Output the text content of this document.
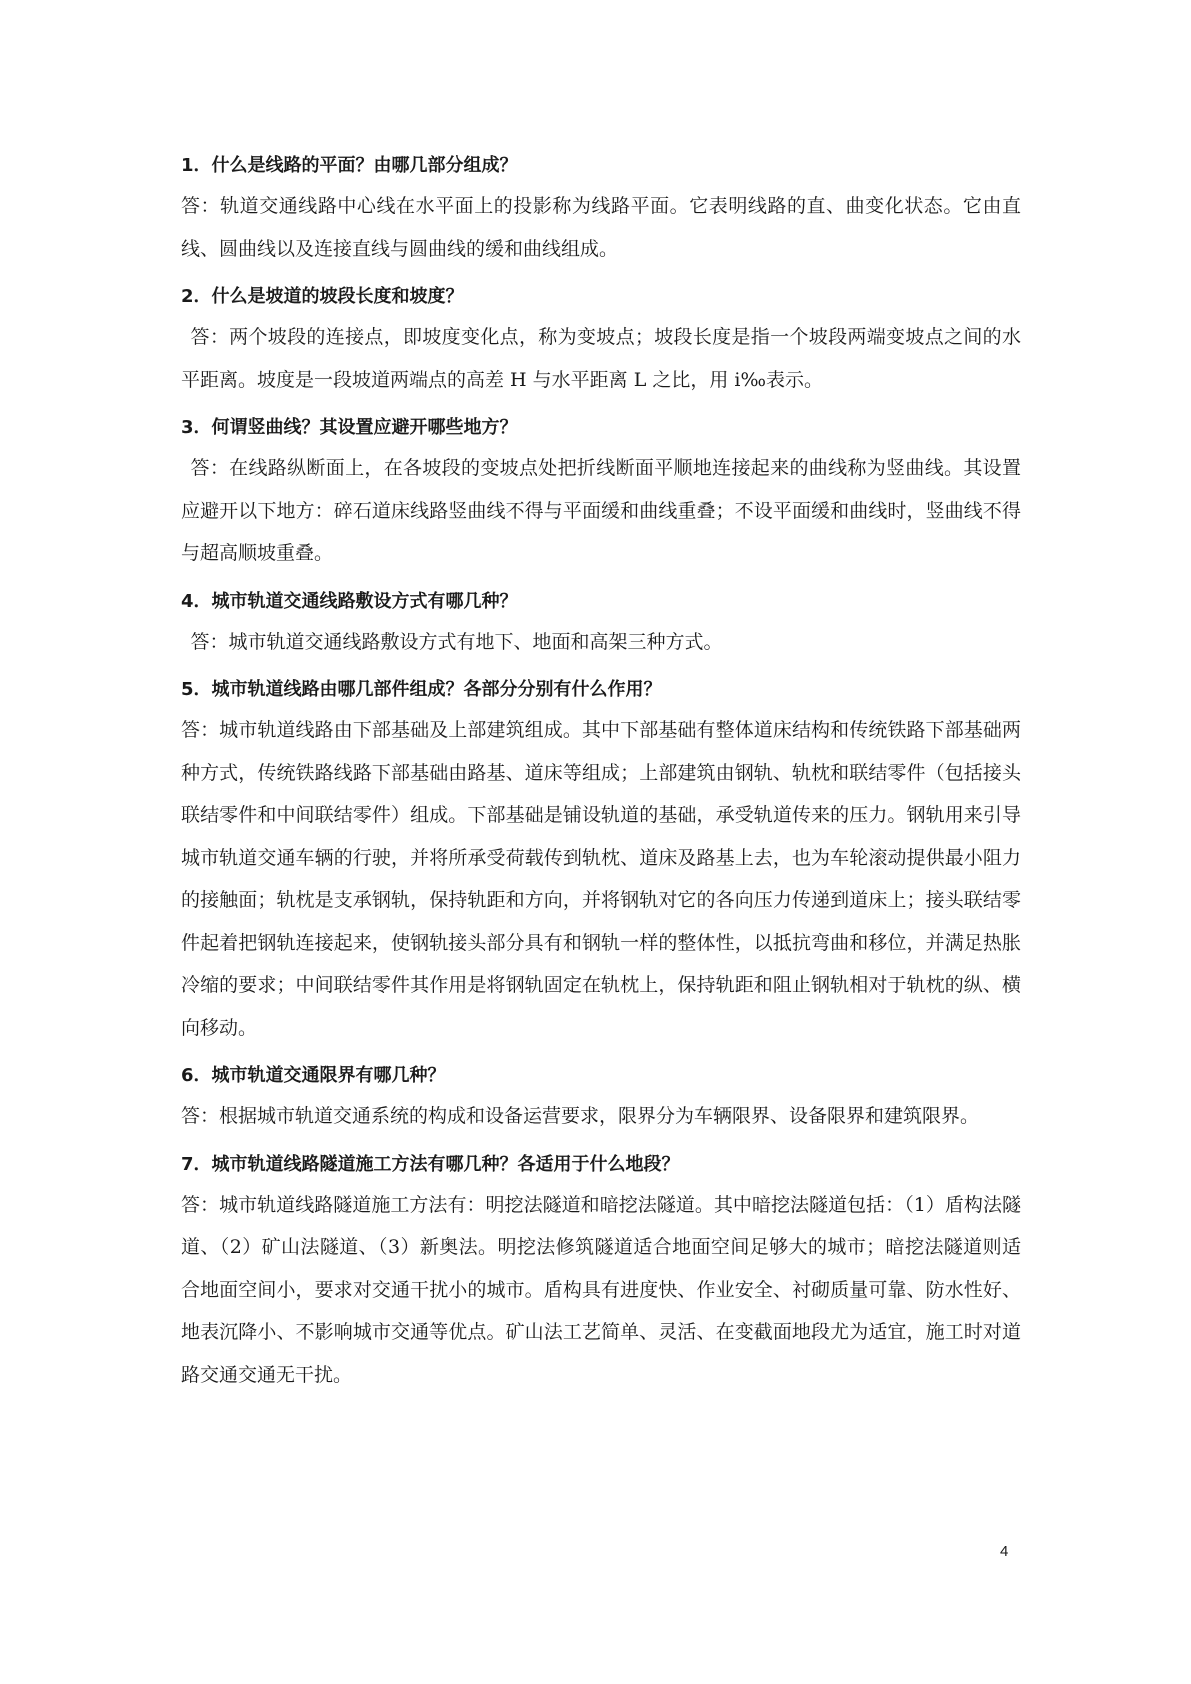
1．什么是线路的平面？由哪几部分组成？

答：轨道交通线路中心线在水平面上的投影称为线路平面。它表明线路的直、曲变化状态。它由直线、圆曲线以及连接直线与圆曲线的缓和曲线组成。

2．什么是坡道的坡段长度和坡度？

答：两个坡段的连接点，即坡度变化点，称为变坡点；坡段长度是指一个坡段两端变坡点之间的水平距离。坡度是一段坡道两端点的高差 H 与水平距离 L 之比，用 i‰表示。

3．何谓竖曲线？其设置应避开哪些地方？

答：在线路纵断面上，在各坡段的变坡点处把折线断面平顺地连接起来的曲线称为竖曲线。其设置应避开以下地方：碎石道床线路竖曲线不得与平面缓和曲线重叠；不设平面缓和曲线时，竖曲线不得与超高顺坡重叠。

4．城市轨道交通线路敷设方式有哪几种？

答：城市轨道交通线路敷设方式有地下、地面和高架三种方式。

5．城市轨道线路由哪几部件组成？各部分分别有什么作用？

答：城市轨道线路由下部基础及上部建筑组成。其中下部基础有整体道床结构和传统铁路下部基础两种方式，传统铁路线路下部基础由路基、道床等组成；上部建筑由钢轨、轨枕和联结零件（包括接头联结零件和中间联结零件）组成。下部基础是铺设轨道的基础，承受轨道传来的压力。钢轨用来引导城市轨道交通车辆的行驶，并将所承受荷载传到轨枕、道床及路基上去，也为车轮滚动提供最小阻力的接触面；轨枕是支承钢轨，保持轨距和方向，并将钢轨对它的各向压力传递到道床上；接头联结零件起着把钢轨连接起来，使钢轨接头部分具有和钢轨一样的整体性，以抵抗弯曲和移位，并满足热胀冷缩的要求；中间联结零件其作用是将钢轨固定在轨枕上，保持轨距和阻止钢轨相对于轨枕的纵、横向移动。

6．城市轨道交通限界有哪几种？

答：根据城市轨道交通系统的构成和设备运营要求，限界分为车辆限界、设备限界和建筑限界。

7．城市轨道线路隧道施工方法有哪几种？各适用于什么地段？

答：城市轨道线路隧道施工方法有：明挖法隧道和暗挖法隧道。其中暗挖法隧道包括：（1）盾构法隧道、（2）矿山法隧道、（3）新奥法。明挖法修筑隧道适合地面空间足够大的城市；暗挖法隧道则适合地面空间小，要求对交通干扰小的城市。盾构具有进度快、作业安全、衬砌质量可靠、防水性好、地表沉降小、不影响城市交通等优点。矿山法工艺简单、灵活、在变截面地段尤为适宜，施工时对道路交通交通无干扰。

4
